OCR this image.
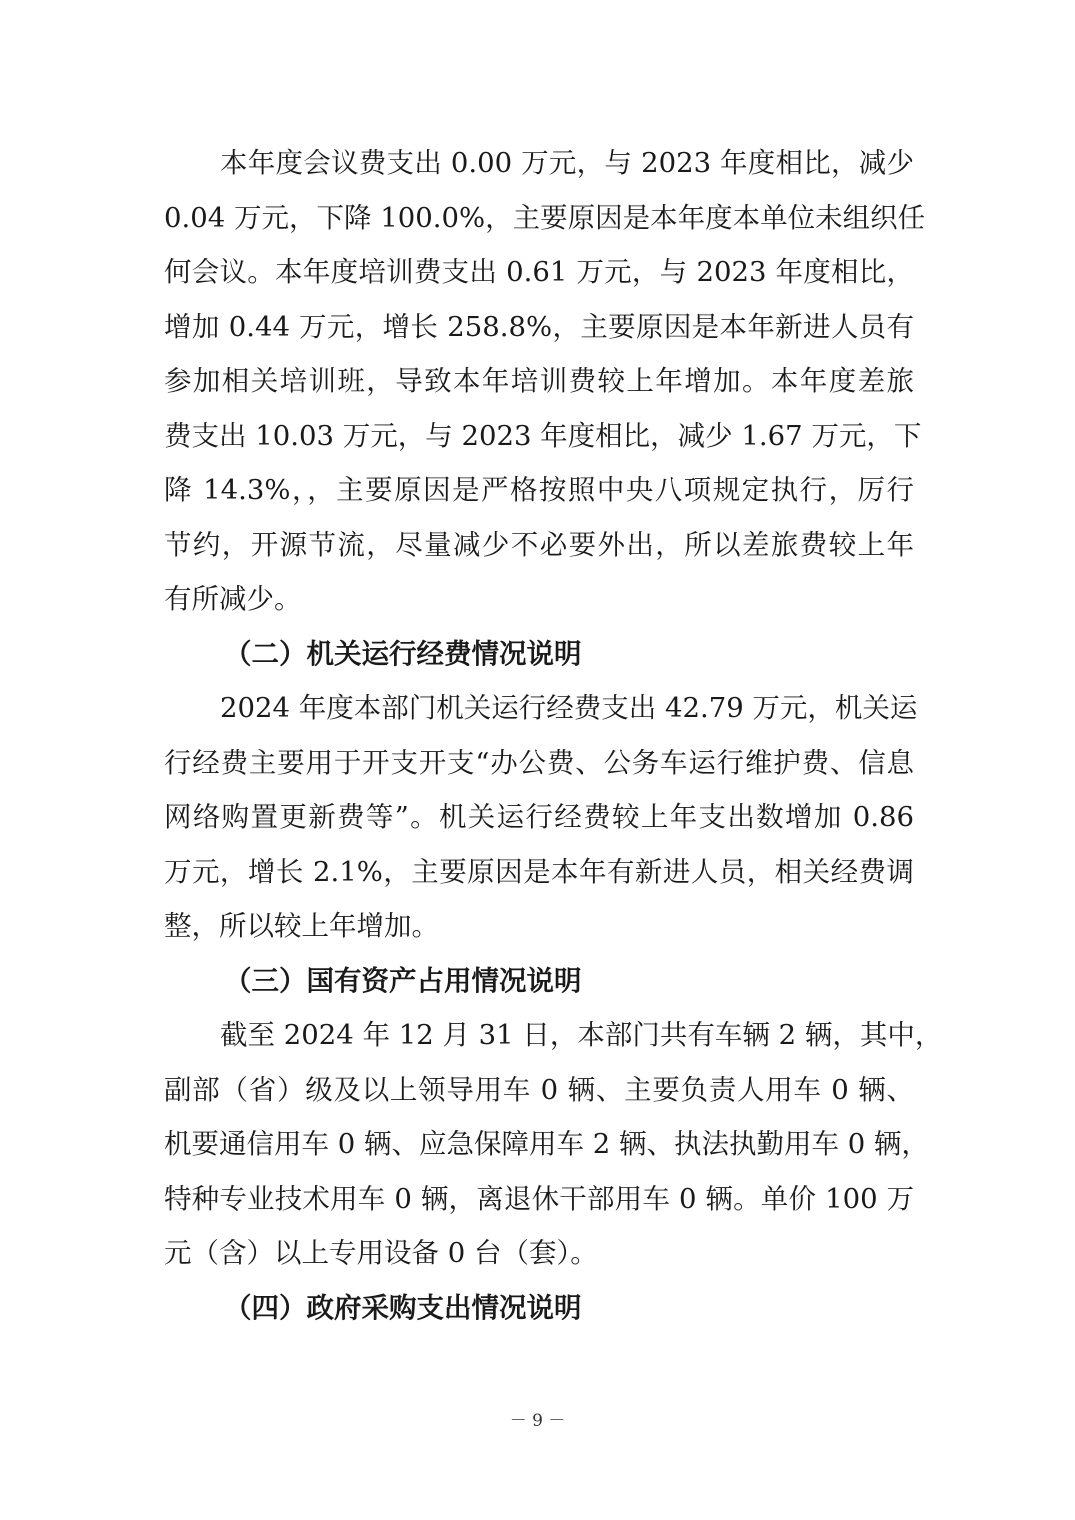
本年度会议费支出 0.00 万元，与 2023 年度相比，减少
0.04 万元，下降 100.0%，主要原因是本年度本单位未组织任
何会议。本年度培训费支出 0.61 万元，与 2023 年度相比，
增加 0.44 万元，增长 258.8%，主要原因是本年新进人员有
参加相关培训班，导致本年培训费较上年增加。本年度差旅
费支出 10.03 万元，与 2023 年度相比，减少 1.67 万元，下
降 14.3%，，主要原因是严格按照中央八项规定执行，厉行
节约，开源节流，尽量减少不必要外出，所以差旅费较上年
有所减少。
（二）机关运行经费情况说明
2024 年度本部门机关运行经费支出 42.79 万元，机关运
行经费主要用于开支开支“办公费、公务车运行维护费、信息
网络购置更新费等”。机关运行经费较上年支出数增加 0.86
万元，增长 2.1%，主要原因是本年有新进人员，相关经费调
整，所以较上年增加。
（三）国有资产占用情况说明
截至 2024 年 12 月 31 日，本部门共有车辆 2 辆，其中，
副部（省）级及以上领导用车 0 辆、主要负责人用车 0 辆、
机要通信用车 0 辆、应急保障用车 2 辆、执法执勤用车 0 辆，
特种专业技术用车 0 辆，离退休干部用车 0 辆。单价 100 万
元（含）以上专用设备 0 台（套）。
（四）政府采购支出情况说明
－ 9 －
